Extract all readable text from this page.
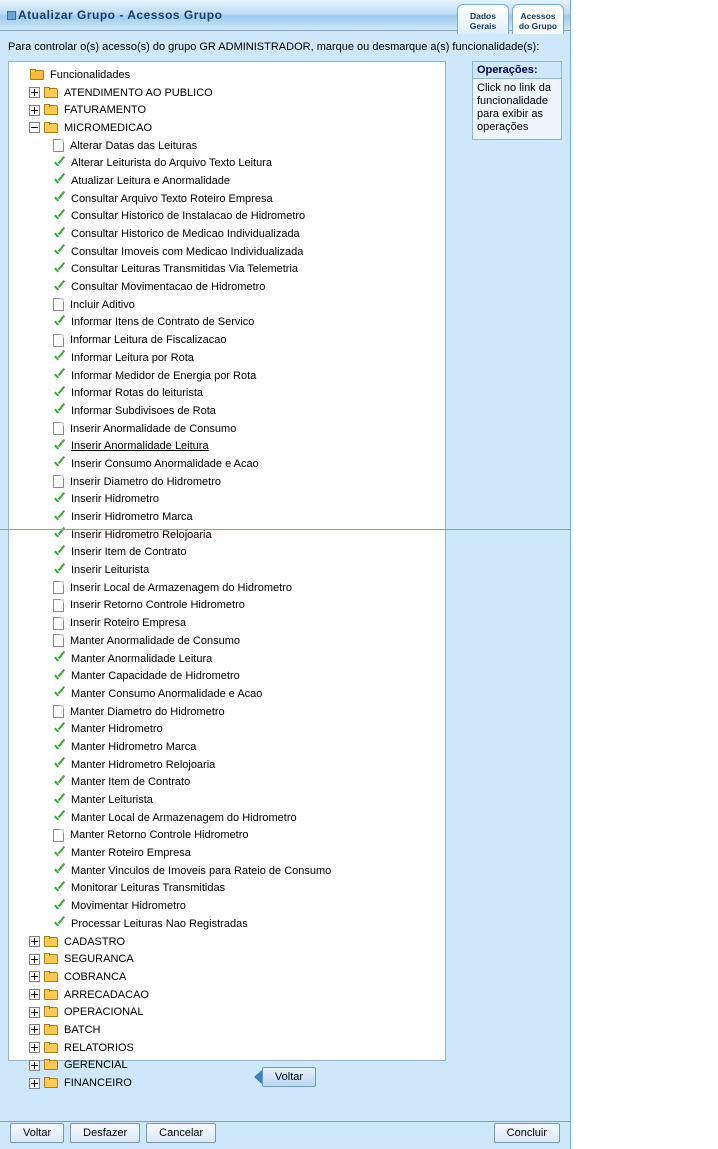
Atualizar Grupo - Acessos Grupo	Dados
Gerais
Acessos
do Grupo
Para controlar o(s) acesso(s) do grupo GR ADMINISTRADOR, marque ou desmarque a(s) funcionalidade(s):
Funcionalidades
ATENDIMENTO AO PUBLICO
FATURAMENTO
MICROMEDICAO
Alterar Datas das Leituras
Alterar Leiturista do Arquivo Texto Leitura
Atualizar Leitura e Anormalidade
Consultar Arquivo Texto Roteiro Empresa
Consultar Historico de Instalacao de Hidrometro
Consultar Historico de Medicao Individualizada
Consultar Imoveis com Medicao Individualizada
Consultar Leituras Transmitidas Via Telemetria
Consultar Movimentacao de Hidrometro
Incluir Aditivo
Informar Itens de Contrato de Servico
Informar Leitura de Fiscalizacao
Informar Leitura por Rota
Informar Medidor de Energia por Rota
Informar Rotas do leiturista
Informar Subdivisoes de Rota
Inserir Anormalidade de Consumo
Inserir Anormalidade Leitura
Inserir Consumo Anormalidade e Acao
Inserir Diametro do Hidrometro
Inserir Hidrometro
Inserir Hidrometro Marca
Inserir Hidrometro Relojoaria
Inserir Item de Contrato
Inserir Leiturista
Inserir Local de Armazenagem do Hidrometro
Inserir Retorno Controle Hidrometro
Inserir Roteiro Empresa
Manter Anormalidade de Consumo
Manter Anormalidade Leitura
Manter Capacidade de Hidrometro
Manter Consumo Anormalidade e Acao
Manter Diametro do Hidrometro
Manter Hidrometro
Manter Hidrometro Marca
Manter Hidrometro Relojoaria
Manter Item de Contrato
Manter Leiturista
Manter Local de Armazenagem do Hidrometro
Manter Retorno Controle Hidrometro
Manter Roteiro Empresa
Manter Vinculos de Imoveis para Rateio de Consumo
Monitorar Leituras Transmitidas
Movimentar Hidrometro
Processar Leituras Nao Registradas
CADASTRO
SEGURANCA
COBRANCA
ARRECADACAO
OPERACIONAL
BATCH
RELATORIOS
GERENCIAL
FINANCEIRO
Operações:
Click no link da funcionalidade para exibir as operações
Voltar
Voltar	Desfazer	Cancelar	Concluir
